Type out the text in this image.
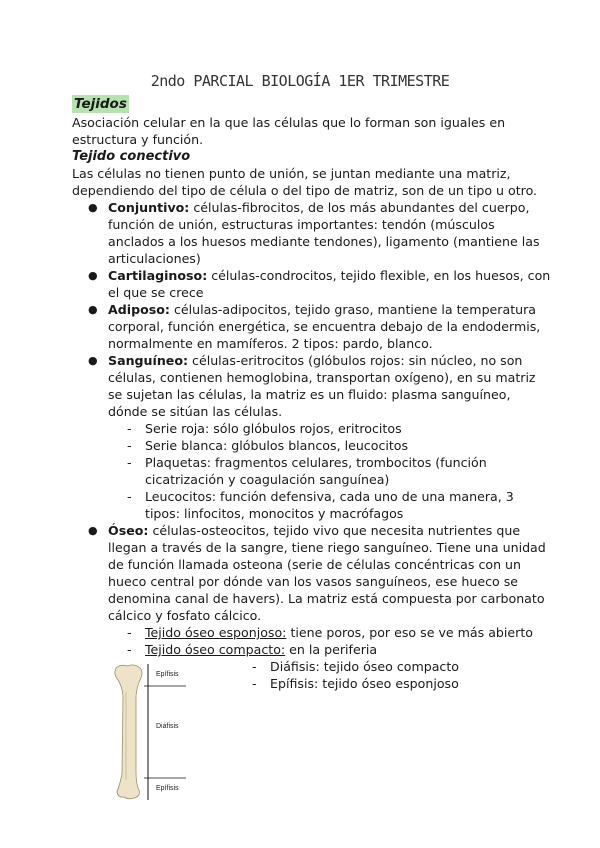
2ndo PARCIAL BIOLOGÍA 1ER TRIMESTRE
Tejidos
Asociación celular en la que las células que lo forman son iguales en
estructura y función.
Tejido conectivo
Las células no tienen punto de unión, se juntan mediante una matriz,
dependiendo del tipo de célula o del tipo de matriz, son de un tipo u otro.
● Conjuntivo: células-fibrocitos, de los más abundantes del cuerpo,
función de unión, estructuras importantes: tendón (músculos
anclados a los huesos mediante tendones), ligamento (mantiene las
articulaciones)
● Cartilaginoso: células-condrocitos, tejido flexible, en los huesos, con
el que se crece
● Adiposo: células-adipocitos, tejido graso, mantiene la temperatura
corporal, función energética, se encuentra debajo de la endodermis,
normalmente en mamíferos. 2 tipos: pardo, blanco.
● Sanguíneo: células-eritrocitos (glóbulos rojos: sin núcleo, no son
células, contienen hemoglobina, transportan oxígeno), en su matriz
se sujetan las células, la matriz es un fluido: plasma sanguíneo,
dónde se sitúan las células.
- Serie roja: sólo glóbulos rojos, eritrocitos
- Serie blanca: glóbulos blancos, leucocitos
- Plaquetas: fragmentos celulares, trombocitos (función
cicatrización y coagulación sanguínea)
- Leucocitos: función defensiva, cada uno de una manera, 3
tipos: linfocitos, monocitos y macrófagos
● Óseo: células-osteocitos, tejido vivo que necesita nutrientes que
llegan a través de la sangre, tiene riego sanguíneo. Tiene una unidad
de función llamada osteona (serie de células concéntricas con un
hueco central por dónde van los vasos sanguíneos, ese hueco se
denomina canal de havers). La matriz está compuesta por carbonato
cálcico y fosfato cálcico.
- Tejido óseo esponjoso: tiene poros, por eso se ve más abierto
- Tejido óseo compacto: en la periferia
- Diáfisis: tejido óseo compacto
- Epífisis: tejido óseo esponjoso
Epífisis
Diáfisis
Epífisis
